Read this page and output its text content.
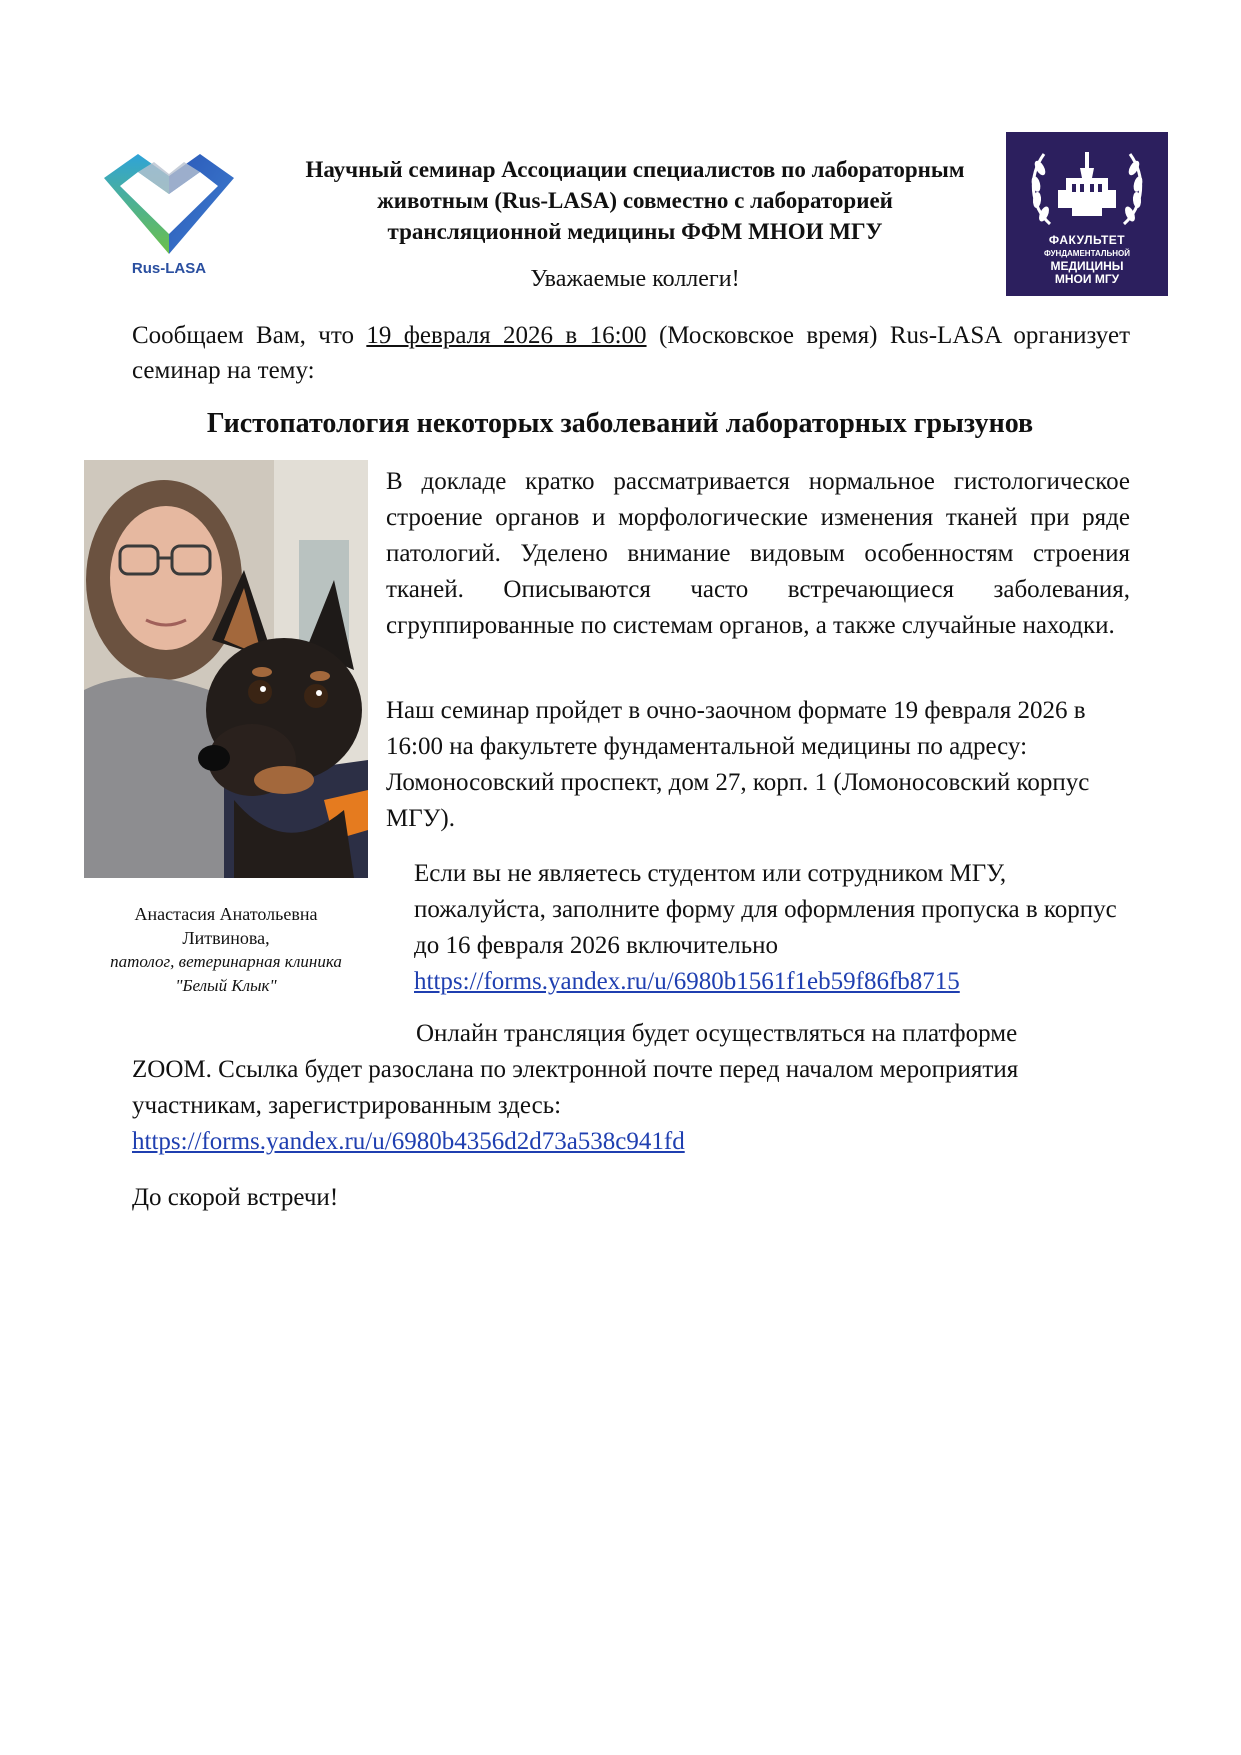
Rus-LASA
Научный семинар Ассоциации специалистов по лабораторным
животным (Rus-LASA) совместно с лабораторией
трансляционной медицины ФФМ МНОИ МГУ
Уважаемые коллеги!
ФАКУЛЬТЕТ
ФУНДАМЕНТАЛЬНОЙ
МЕДИЦИНЫ
МНОИ МГУ
Сообщаем Вам, что 19 февраля 2026 в 16:00 (Московское время) Rus-LASA организует семинар на тему:
Гистопатология некоторых заболеваний лабораторных грызунов
Анастасия Анатольевна
Литвинова,
патолог, ветеринарная клиника
"Белый Клык"
В докладе кратко рассматривается нормальное гистологическое строение органов и морфологические изменения тканей при ряде патологий. Уделено внимание видовым особенностям строения тканей. Описываются часто встречающиеся заболевания, сгруппированные по системам органов, а также случайные находки.
Наш семинар пройдет в очно-заочном формате 19 февраля 2026 в 16:00 на факультете фундаментальной медицины по адресу: Ломоносовский проспект, дом 27, корп. 1 (Ломоносовский корпус МГУ).
Если вы не являетесь студентом или сотрудником МГУ, пожалуйста, заполните форму для оформления пропуска в корпус до 16 февраля 2026 включительно
https://forms.yandex.ru/u/6980b1561f1eb59f86fb8715
Онлайн трансляция будет осуществляться на платформе
ZOOM. Ссылка будет разослана по электронной почте перед началом мероприятия участникам, зарегистрированным здесь:
https://forms.yandex.ru/u/6980b4356d2d73a538c941fd
До скорой встречи!
